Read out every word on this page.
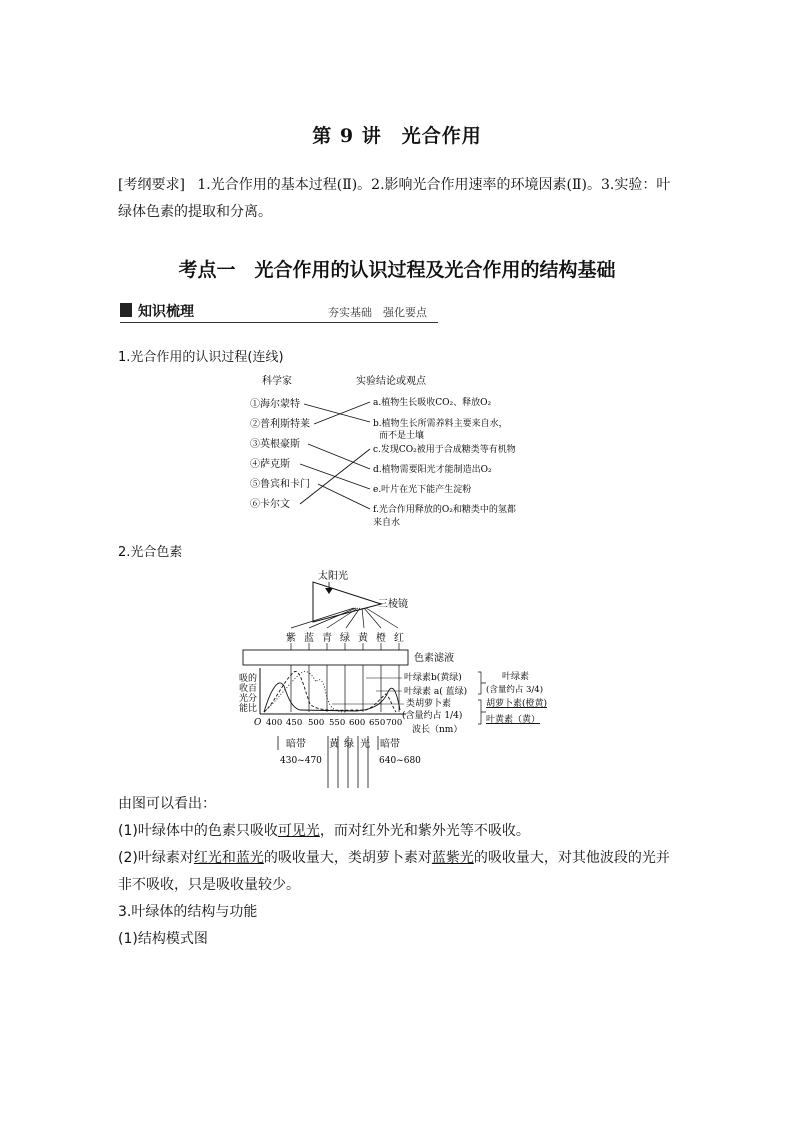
第 9 讲　光合作用
[考纲要求] 1.光合作用的基本过程(Ⅱ)。2.影响光合作用速率的环境因素(Ⅱ)。3.实验：叶绿体色素的提取和分离。
考点一　光合作用的认识过程及光合作用的结构基础
知识梳理	夯实基础　强化要点
1.光合作用的认识过程(连线)
科学家	实验结论或观点
①海尔蒙特
②普利斯特莱
③英根豪斯
④萨克斯
⑤鲁宾和卡门
⑥卡尔文
a.植物生长吸收CO₂、释放O₂
b.植物生长所需养料主要来自水，
而不是土壤
c.发现CO₂被用于合成糖类等有机物
d.植物需要阳光才能制造出O₂
e.叶片在光下能产生淀粉
f.光合作用释放的O₂和糖类中的氢都
来自水
2.光合色素
太阳光
三棱镜
紫 蓝 青 绿 黄 橙 红
色素滤液
吸的
收百
光分
能比
O 400 450 500 550 600 650 700
波长（nm）
叶绿素b(黄绿)
叶绿素 a( 蓝绿)
类胡萝卜素
(含量约占 1/4)
叶绿素
(含量约占 3/4)
胡萝卜素(橙黄)
叶黄素（黄）
暗带
430~470
黄 绿 光 暗带
640~680
由图可以看出：
(1)叶绿体中的色素只吸收可见光，而对红外光和紫外光等不吸收。
(2)叶绿素对红光和蓝光的吸收量大，类胡萝卜素对蓝紫光的吸收量大，对其他波段的光并
非不吸收，只是吸收量较少。
3.叶绿体的结构与功能
(1)结构模式图
